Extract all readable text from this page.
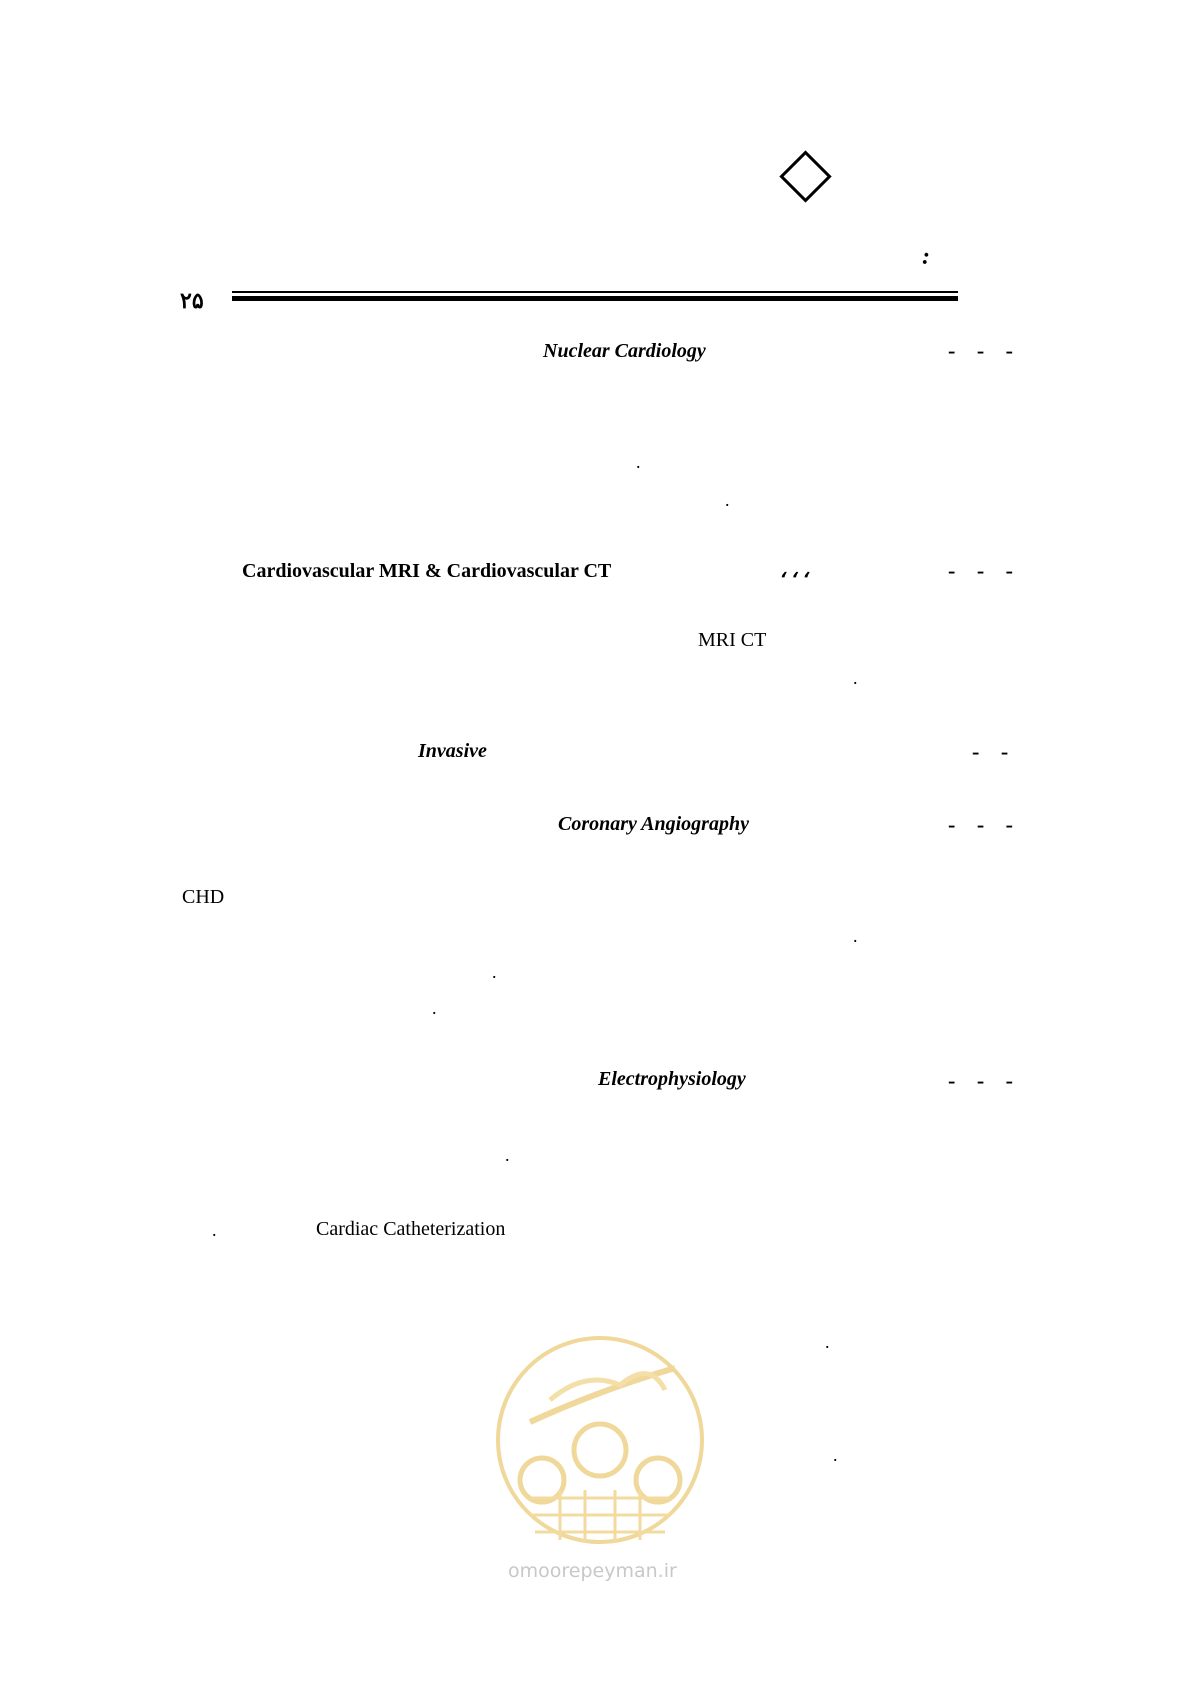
:
۲۵
- - -
Nuclear Cardiology
.
.
- - -
، ، ،
Cardiovascular MRI & Cardiovascular CT
MRI CT
.
- -
Invasive
- - -
Coronary Angiography
CHD
.
.
.
- - -
Electrophysiology
.
.	Cardiac Catheterization
.
.
omoorepeyman.ir
